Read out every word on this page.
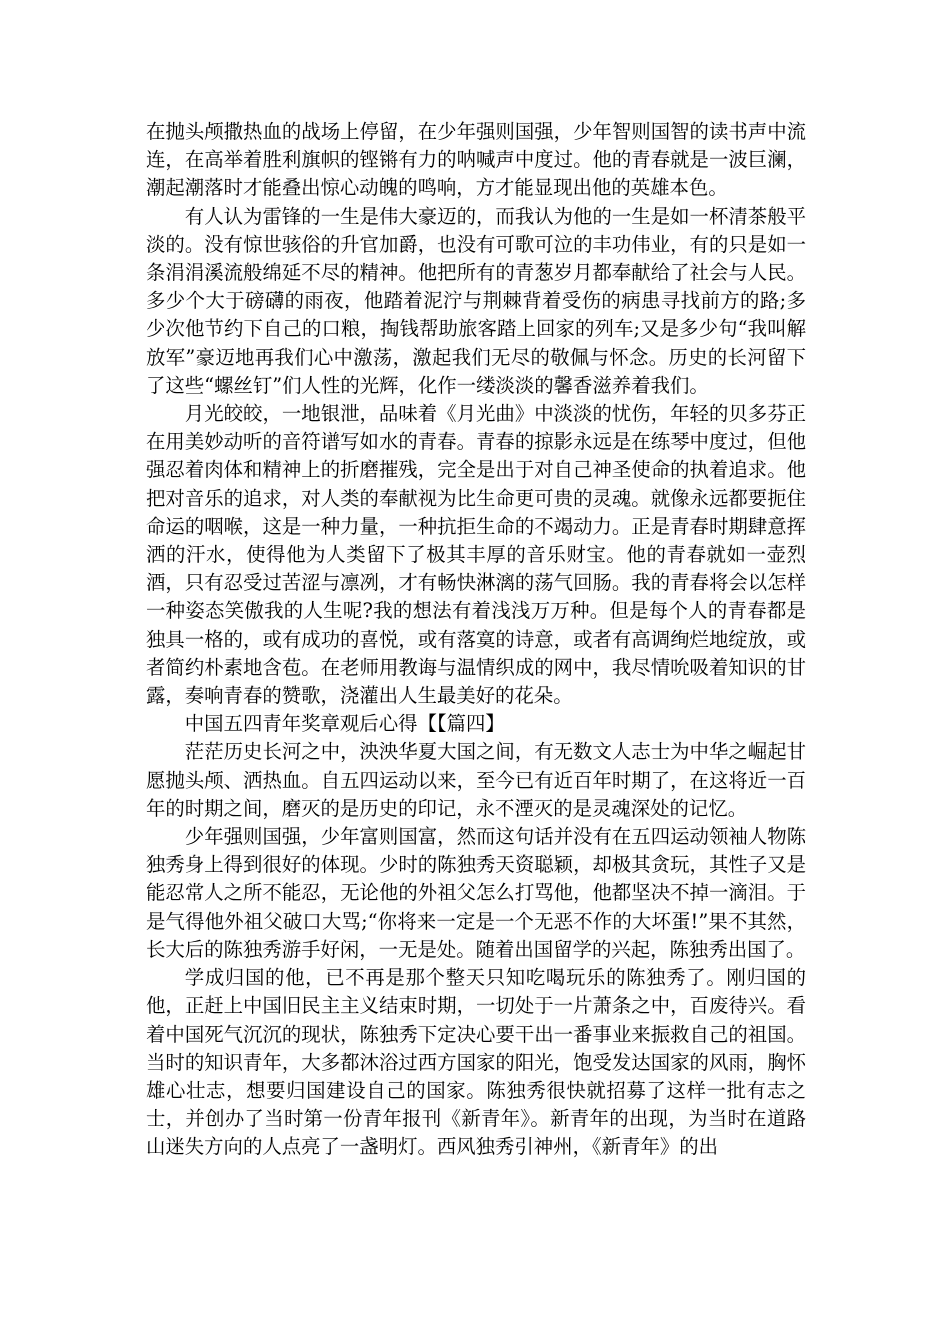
在抛头颅撒热血的战场上停留，在少年强则国强，少年智则国智的读书声中流连，在高举着胜利旗帜的铿锵有力的呐喊声中度过。他的青春就是一波巨澜，潮起潮落时才能叠出惊心动魄的鸣响，方才能显现出他的英雄本色。

有人认为雷锋的一生是伟大豪迈的，而我认为他的一生是如一杯清茶般平淡的。没有惊世骇俗的升官加爵，也没有可歌可泣的丰功伟业，有的只是如一条涓涓溪流般绵延不尽的精神。他把所有的青葱岁月都奉献给了社会与人民。多少个大于磅礴的雨夜，他踏着泥泞与荆棘背着受伤的病患寻找前方的路;多少次他节约下自己的口粮，掏钱帮助旅客踏上回家的列车;又是多少句“我叫解放军”豪迈地再我们心中激荡，激起我们无尽的敬佩与怀念。历史的长河留下了这些“螺丝钉”们人性的光辉，化作一缕淡淡的馨香滋养着我们。

月光皎皎，一地银泄，品味着《月光曲》中淡淡的忧伤，年轻的贝多芬正在用美妙动听的音符谱写如水的青春。青春的掠影永远是在练琴中度过，但他强忍着肉体和精神上的折磨摧残，完全是出于对自己神圣使命的执着追求。他把对音乐的追求，对人类的奉献视为比生命更可贵的灵魂。就像永远都要扼住命运的咽喉，这是一种力量，一种抗拒生命的不竭动力。正是青春时期肆意挥洒的汗水，使得他为人类留下了极其丰厚的音乐财宝。他的青春就如一壶烈酒，只有忍受过苦涩与凛冽，才有畅快淋漓的荡气回肠。我的青春将会以怎样一种姿态笑傲我的人生呢?我的想法有着浅浅万万种。但是每个人的青春都是独具一格的，或有成功的喜悦，或有落寞的诗意，或者有高调绚烂地绽放，或者简约朴素地含苞。在老师用教诲与温情织成的网中，我尽情吮吸着知识的甘露，奏响青春的赞歌，浇灌出人生最美好的花朵。

中国五四青年奖章观后心得【【篇四】

茫茫历史长河之中，泱泱华夏大国之间，有无数文人志士为中华之崛起甘愿抛头颅、洒热血。自五四运动以来，至今已有近百年时期了，在这将近一百年的时期之间，磨灭的是历史的印记，永不湮灭的是灵魂深处的记忆。

少年强则国强，少年富则国富，然而这句话并没有在五四运动领袖人物陈独秀身上得到很好的体现。少时的陈独秀天资聪颖，却极其贪玩，其性子又是能忍常人之所不能忍，无论他的外祖父怎么打骂他，他都坚决不掉一滴泪。于是气得他外祖父破口大骂;“你将来一定是一个无恶不作的大坏蛋!”果不其然，长大后的陈独秀游手好闲，一无是处。随着出国留学的兴起，陈独秀出国了。

学成归国的他，已不再是那个整天只知吃喝玩乐的陈独秀了。刚归国的他，正赶上中国旧民主主义结束时期，一切处于一片萧条之中，百废待兴。看着中国死气沉沉的现状，陈独秀下定决心要干出一番事业来振救自己的祖国。当时的知识青年，大多都沐浴过西方国家的阳光，饱受发达国家的风雨，胸怀雄心壮志，想要归国建设自己的国家。陈独秀很快就招募了这样一批有志之士，并创办了当时第一份青年报刊《新青年》。新青年的出现，为当时在道路山迷失方向的人点亮了一盏明灯。西风独秀引神州，《新青年》的出
